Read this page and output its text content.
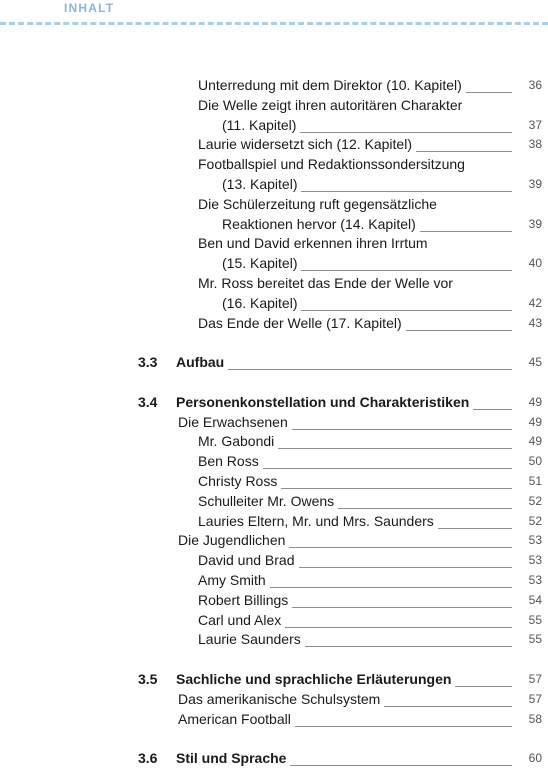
INHALT
Unterredung mit dem Direktor (10. Kapitel)	36
Die Welle zeigt ihren autoritären Charakter
(11. Kapitel)	37
Laurie widersetzt sich (12. Kapitel)	38
Footballspiel und Redaktionssondersitzung
(13. Kapitel)	39
Die Schülerzeitung ruft gegensätzliche
Reaktionen hervor (14. Kapitel)	39
Ben und David erkennen ihren Irrtum
(15. Kapitel)	40
Mr. Ross bereitet das Ende der Welle vor
(16. Kapitel)	42
Das Ende der Welle (17. Kapitel)	43
3.3 Aufbau	45
3.4 Personenkonstellation und Charakteristiken	49
Die Erwachsenen	49
Mr. Gabondi	49
Ben Ross	50
Christy Ross	51
Schulleiter Mr. Owens	52
Lauries Eltern, Mr. und Mrs. Saunders	52
Die Jugendlichen	53
David und Brad	53
Amy Smith	53
Robert Billings	54
Carl und Alex	55
Laurie Saunders	55
3.5 Sachliche und sprachliche Erläuterungen	57
Das amerikanische Schulsystem	57
American Football	58
3.6 Stil und Sprache	60
